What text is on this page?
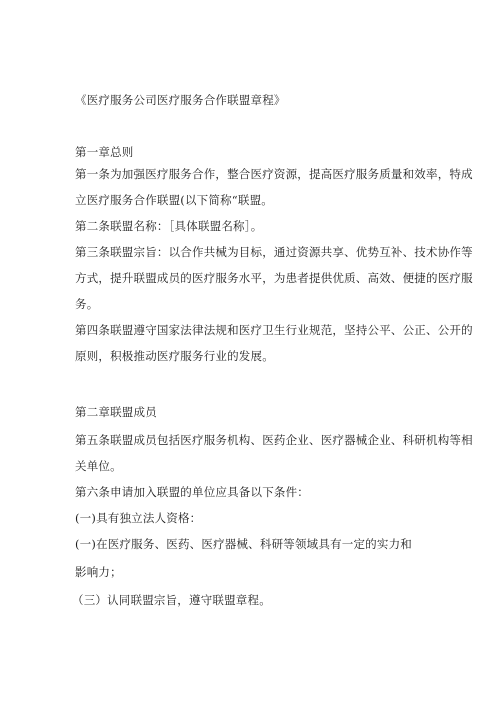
《医疗服务公司医疗服务合作联盟章程》
第一章总则
第一条为加强医疗服务合作，整合医疗资源，提高医疗服务质量和效率，特成
立医疗服务合作联盟(以下简称“联盟。
第二条联盟名称：［具体联盟名称］。
第三条联盟宗旨：以合作共械为目标，通过资源共享、优势互补、技术协作等
方式，提升联盟成员的医疗服务水平，为患者提供优质、高效、便捷的医疗服
务。
第四条联盟遵守国家法律法规和医疗卫生行业规范，坚持公平、公正、公开的
原则，积极推动医疗服务行业的发展。
第二章联盟成员
第五条联盟成员包括医疗服务机构、医药企业、医疗器械企业、科研机构等相
关单位。
第六条申请加入联盟的单位应具备以下条件：
(一)具有独立法人资格：
(一)在医疗服务、医药、医疗器械、科研等领域具有一定的实力和
影响力；
（三）认同联盟宗旨，遵守联盟章程。
